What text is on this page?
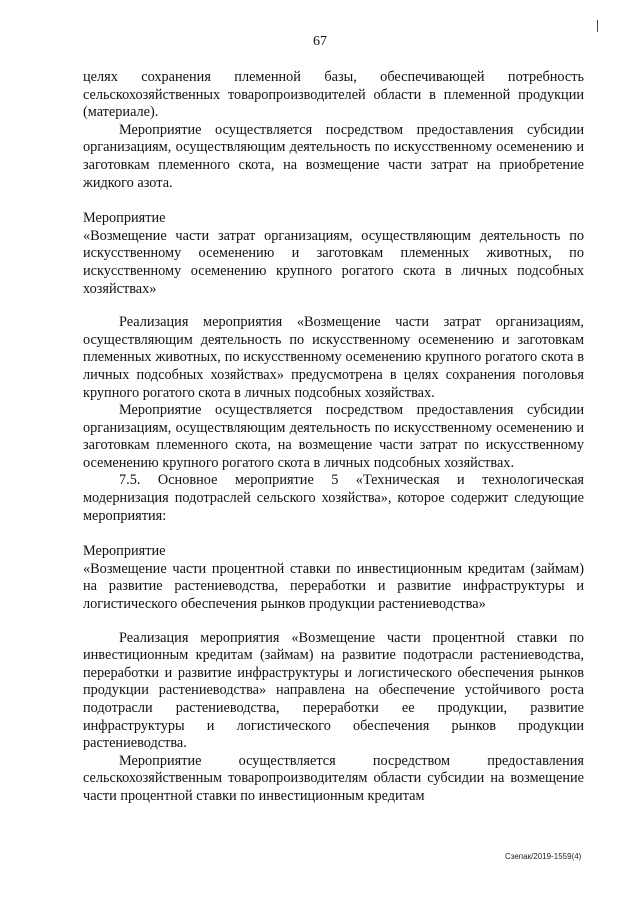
67

целях сохранения племенной базы, обеспечивающей потребность сельскохозяйственных товаропроизводителей области в племенной продукции (материале).

Мероприятие осуществляется посредством предоставления субсидии организациям, осуществляющим деятельность по искусственному осеменению и заготовкам племенного скота, на возмещение части затрат на приобретение жидкого азота.

Мероприятие

«Возмещение части затрат организациям, осуществляющим деятельность по искусственному осеменению и заготовкам племенных животных, по искусственному осеменению крупного рогатого скота в личных подсобных хозяйствах»

Реализация мероприятия «Возмещение части затрат организациям, осуществляющим деятельность по искусственному осеменению и заготовкам племенных животных, по искусственному осеменению крупного рогатого скота в личных подсобных хозяйствах» предусмотрена в целях сохранения поголовья крупного рогатого скота в личных подсобных хозяйствах.

Мероприятие осуществляется посредством предоставления субсидии организациям, осуществляющим деятельность по искусственному осеменению и заготовкам племенного скота, на возмещение части затрат по искусственному осеменению крупного рогатого скота в личных подсобных хозяйствах.

7.5. Основное мероприятие 5 «Техническая и технологическая модернизация подотраслей сельского хозяйства», которое содержит следующие мероприятия:

Мероприятие

«Возмещение части процентной ставки по инвестиционным кредитам (займам) на развитие растениеводства, переработки и развитие инфраструктуры и логистического обеспечения рынков продукции растениеводства»

Реализация мероприятия «Возмещение части процентной ставки по инвестиционным кредитам (займам) на развитие подотрасли растениеводства, переработки и развитие инфраструктуры и логистического обеспечения рынков продукции растениеводства» направлена на обеспечение устойчивого роста подотрасли растениеводства, переработки ее продукции, развитие инфраструктуры и логистического обеспечения рынков продукции растениеводства.

Мероприятие осуществляется посредством предоставления сельскохозяйственным товаропроизводителям области субсидии на возмещение части процентной ставки по инвестиционным кредитам

Сзепак/2019-1559(4)
